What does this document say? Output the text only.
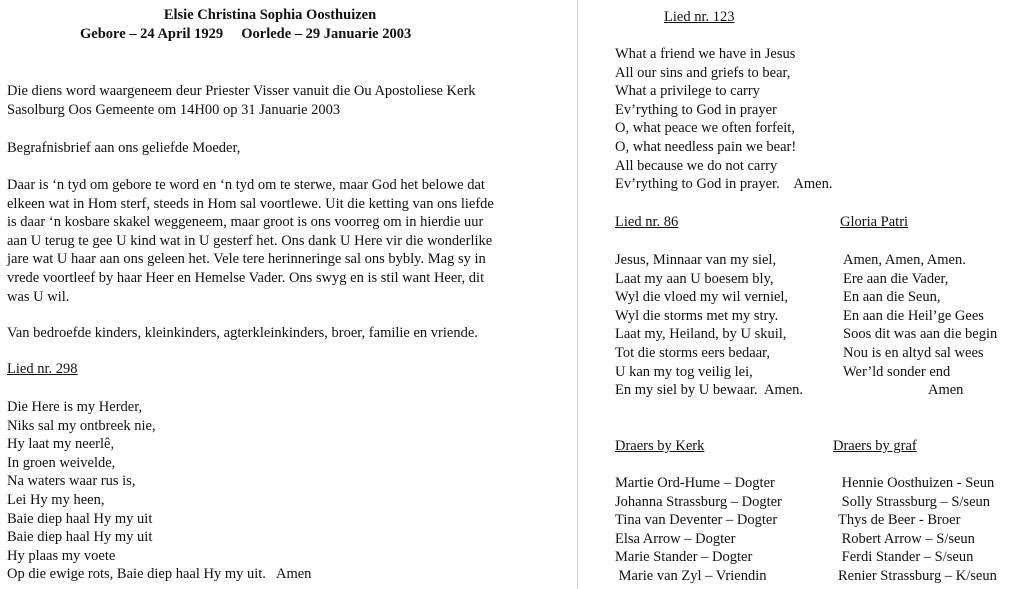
Elsie Christina Sophia Oosthuizen
Gebore – 24 April 1929     Oorlede – 29 Januarie 2003
Die diens word waargeneem deur Priester Visser vanuit die Ou Apostoliese Kerk
Sasolburg Oos Gemeente om 14H00 op 31 Januarie 2003
Begrafnisbrief aan ons geliefde Moeder,
Daar is ‘n tyd om gebore te word en ‘n tyd om te sterwe, maar God het belowe dat
elkeen wat in Hom sterf, steeds in Hom sal voortlewe. Uit die ketting van ons liefde
is daar ‘n kosbare skakel weggeneem, maar groot is ons voorreg om in hierdie uur
aan U terug te gee U kind wat in U gesterf het. Ons dank U Here vir die wonderlike
jare wat U haar aan ons geleen het. Vele tere herinneringe sal ons bybly. Mag sy in
vrede voortleef by haar Heer en Hemelse Vader. Ons swyg en is stil want Heer, dit
was U wil.
Van bedroefde kinders, kleinkinders, agterkleinkinders, broer, familie en vriende.
Lied nr. 298
Die Here is my Herder,
Niks sal my ontbreek nie,
Hy laat my neerlê,
In groen weivelde,
Na waters waar rus is,
Lei Hy my heen,
Baie diep haal Hy my uit
Baie diep haal Hy my uit
Hy plaas my voete
Op die ewige rots, Baie diep haal Hy my uit.   Amen
Lied nr. 123
What a friend we have in Jesus
All our sins and griefs to bear,
What a privilege to carry
Ev’rything to God in prayer
O, what peace we often forfeit,
O, what needless pain we bear!
All because we do not carry
Ev’rything to God in prayer.    Amen.
Lied nr. 86
Jesus, Minnaar van my siel,
Laat my aan U boesem bly,
Wyl die vloed my wil verniel,
Wyl die storms met my stry.
Laat my, Heiland, by U skuil,
Tot die storms eers bedaar,
U kan my tog veilig lei,
En my siel by U bewaar.  Amen.
Gloria Patri
Amen, Amen, Amen.
Ere aan die Vader,
En aan die Seun,
En aan die Heil’ge Gees
Soos dit was aan die begin
Nou is en altyd sal wees
Wer’ld sonder end
Amen
Draers by Kerk
Martie Ord-Hume – Dogter
Johanna Strassburg – Dogter
Tina van Deventer – Dogter
Elsa Arrow – Dogter
Marie Stander – Dogter
Marie van Zyl – Vriendin
Draers by graf
Hennie Oosthuizen - Seun
Solly Strassburg – S/seun
Thys de Beer - Broer
Robert Arrow – S/seun
Ferdi Stander – S/seun
Renier Strassburg – K/seun
